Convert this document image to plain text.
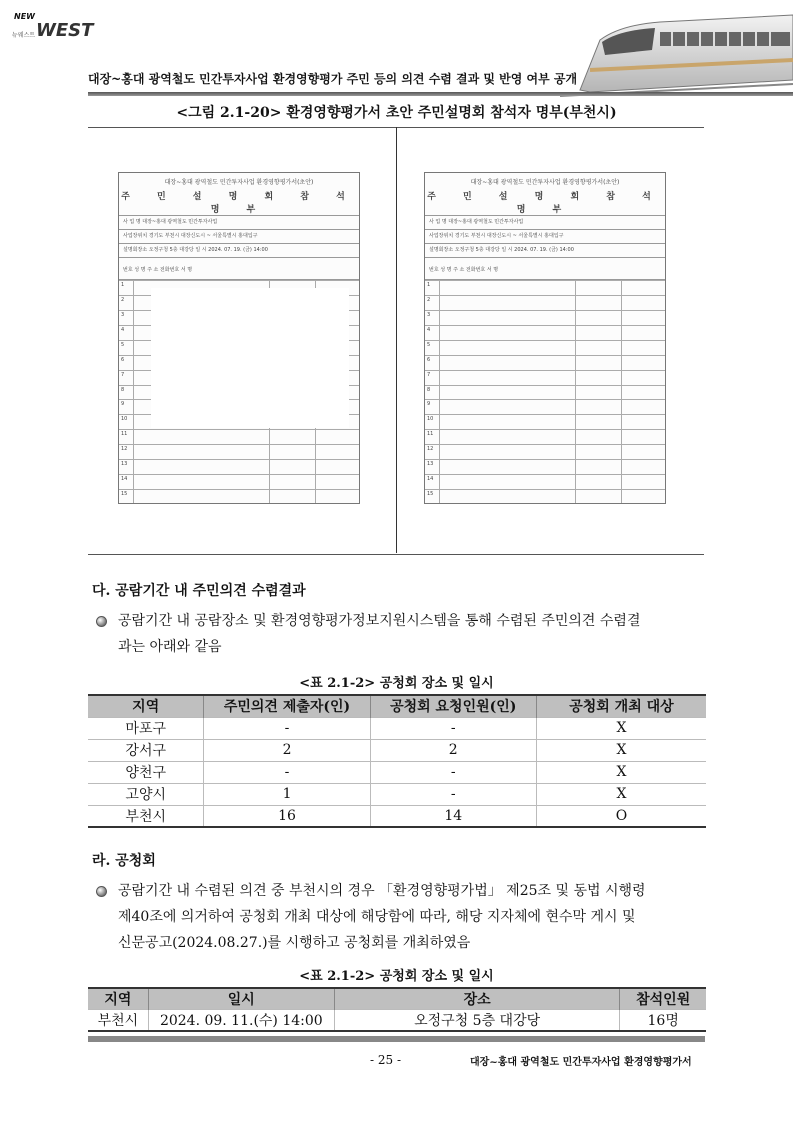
NEW
WEST
뉴웨스트
대장~홍대 광역철도 민간투자사업 환경영향평가 주민 등의 의견 수렴 결과 및 반영 여부 공개
<그림 2.1-20> 환경영향평가서 초안 주민설명회 참석자 명부(부천시)
대장~홍대 광역철도 민간투자사업 환경영향평가서(초안)
주 민 설 명 회 참 석 명 부
사 업 명 대장~홍대 광역철도 민간투자사업
사업장위치 경기도 부천시 대장신도시 ~ 서울특별시 홍대입구
설명회장소 오정구청 5층 대강당 일 시 2024. 07. 19. (금) 14:00
번호 성 명 주 소 전화번호 서 명
1
2
3
4
5
6
7
8
9
10
11
12
13
14
15
대장~홍대 광역철도 민간투자사업 환경영향평가서(초안)
주 민 설 명 회 참 석 명 부
사 업 명 대장~홍대 광역철도 민간투자사업
사업장위치 경기도 부천시 대장신도시 ~ 서울특별시 홍대입구
설명회장소 오정구청 5층 대강당 일 시 2024. 07. 19. (금) 14:00
번호 성 명 주 소 전화번호 서 명
1
2
3
4
5
6
7
8
9
10
11
12
13
14
15
다. 공람기간 내 주민의견 수렴결과
공람기간 내 공람장소 및 환경영향평가정보지원시스템을 통해 수렴된 주민의견 수렴결
과는 아래와 같음
<표 2.1-2> 공청회 장소 및 일시
지역	주민의견 제출자(인)	공청회 요청인원(인)	공청회 개최 대상
마포구	-	-	X
강서구	2	2	X
양천구	-	-	X
고양시	1	-	X
부천시	16	14	O
라. 공청회
공람기간 내 수렴된 의견 중 부천시의 경우 「환경영향평가법」 제25조 및 동법 시행령
제40조에 의거하여 공청회 개최 대상에 해당함에 따라, 해당 지자체에 현수막 게시 및
신문공고(2024.08.27.)를 시행하고 공청회를 개최하였음
<표 2.1-2> 공청회 장소 및 일시
지역	일시	장소	참석인원
부천시	2024. 09. 11.(수) 14:00	오정구청 5층 대강당	16명
- 25 -	대장~홍대 광역철도 민간투자사업 환경영향평가서
